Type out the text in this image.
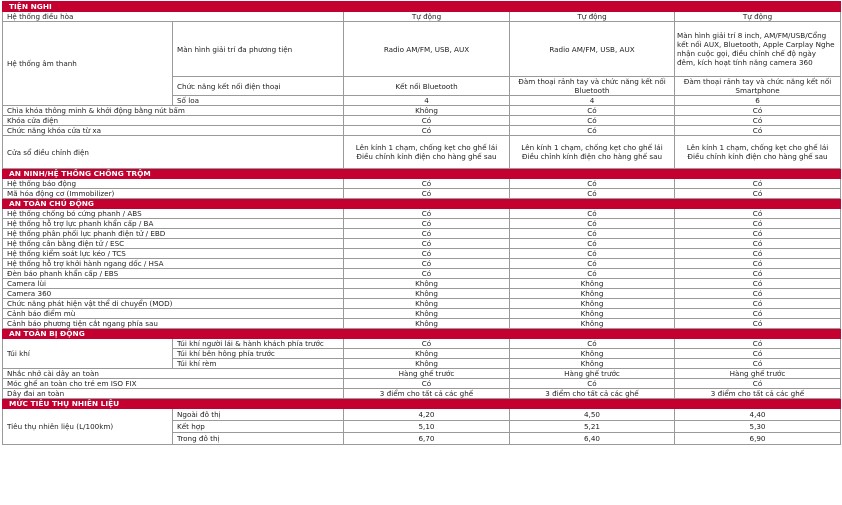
TIỆN NGHI				
Hệ thống điều hòa		Tự động	Tự động	Tự động
Hệ thống âm thanh	Màn hình giải trí đa phương tiện	Radio AM/FM, USB, AUX	Radio AM/FM, USB, AUX	Màn hình giải trí 8 inch, AM/FM/USB/Cổng kết nối AUX, Bluetooth, Apple Carplay Nghe nhận cuộc gọi, điều chỉnh chế độ ngày đêm, kích hoạt tính năng camera 360
	Chức năng kết nối điện thoại	Kết nối Bluetooth	Đàm thoại rảnh tay và chức năng kết nối Bluetooth	Đàm thoại rảnh tay và chức năng kết nối Smartphone
	Số loa	4	4	6
Chìa khóa thông minh & khởi động bằng nút bấm		Không	Có	Có
Khóa cửa điện		Có	Có	Có
Chức năng khóa cửa từ xa		Có	Có	Có
Cửa sổ điều chỉnh điện		Lên kính 1 chạm, chống kẹt cho ghế lái Điều chỉnh kính điện cho hàng ghế sau	Lên kính 1 chạm, chống kẹt cho ghế lái Điều chỉnh kính điện cho hàng ghế sau	Lên kính 1 chạm, chống kẹt cho ghế lái Điều chỉnh kính điện cho hàng ghế sau
AN NINH/HỆ THỐNG CHỐNG TRỘM				
Hệ thống báo động		Có	Có	Có
Mã hóa động cơ (Immobilizer)		Có	Có	Có
AN TOÀN CHỦ ĐỘNG				
Hệ thống chống bó cứng phanh / ABS		Có	Có	Có
Hệ thống hỗ trợ lực phanh khẩn cấp / BA		Có	Có	Có
Hệ thống phân phối lực phanh điện tử / EBD		Có	Có	Có
Hệ thống cân bằng điện tử / ESC		Có	Có	Có
Hệ thống kiểm soát lực kéo / TCS		Có	Có	Có
Hệ thống hỗ trợ khởi hành ngang dốc / HSA		Có	Có	Có
Đèn báo phanh khẩn cấp / EBS		Có	Có	Có
Camera lùi		Không	Không	Có
Camera 360		Không	Không	Có
Chức năng phát hiện vật thể di chuyển (MOD)		Không	Không	Có
Cảnh báo điểm mù		Không	Không	Có
Cảnh báo phương tiện cắt ngang phía sau		Không	Không	Có
AN TOÀN BỊ ĐỘNG				
Túi khí	Túi khí người lái & hành khách phía trước	Có	Có	Có
	Túi khí bên hông phía trước	Không	Không	Có
	Túi khí rèm	Không	Không	Có
Nhắc nhở cài dây an toàn		Hàng ghế trước	Hàng ghế trước	Hàng ghế trước
Móc ghế an toàn cho trẻ em ISO FIX		Có	Có	Có
Dây đai an toàn		3 điểm cho tất cả các ghế	3 điểm cho tất cả các ghế	3 điểm cho tất cả các ghế
MỨC TIÊU THỤ NHIÊN LIỆU				
Tiêu thụ nhiên liệu (L/100km)	Ngoài đô thị	4,20	4,50	4,40
	Kết hợp	5,10	5,21	5,30
	Trong đô thị	6,70	6,40	6,90
